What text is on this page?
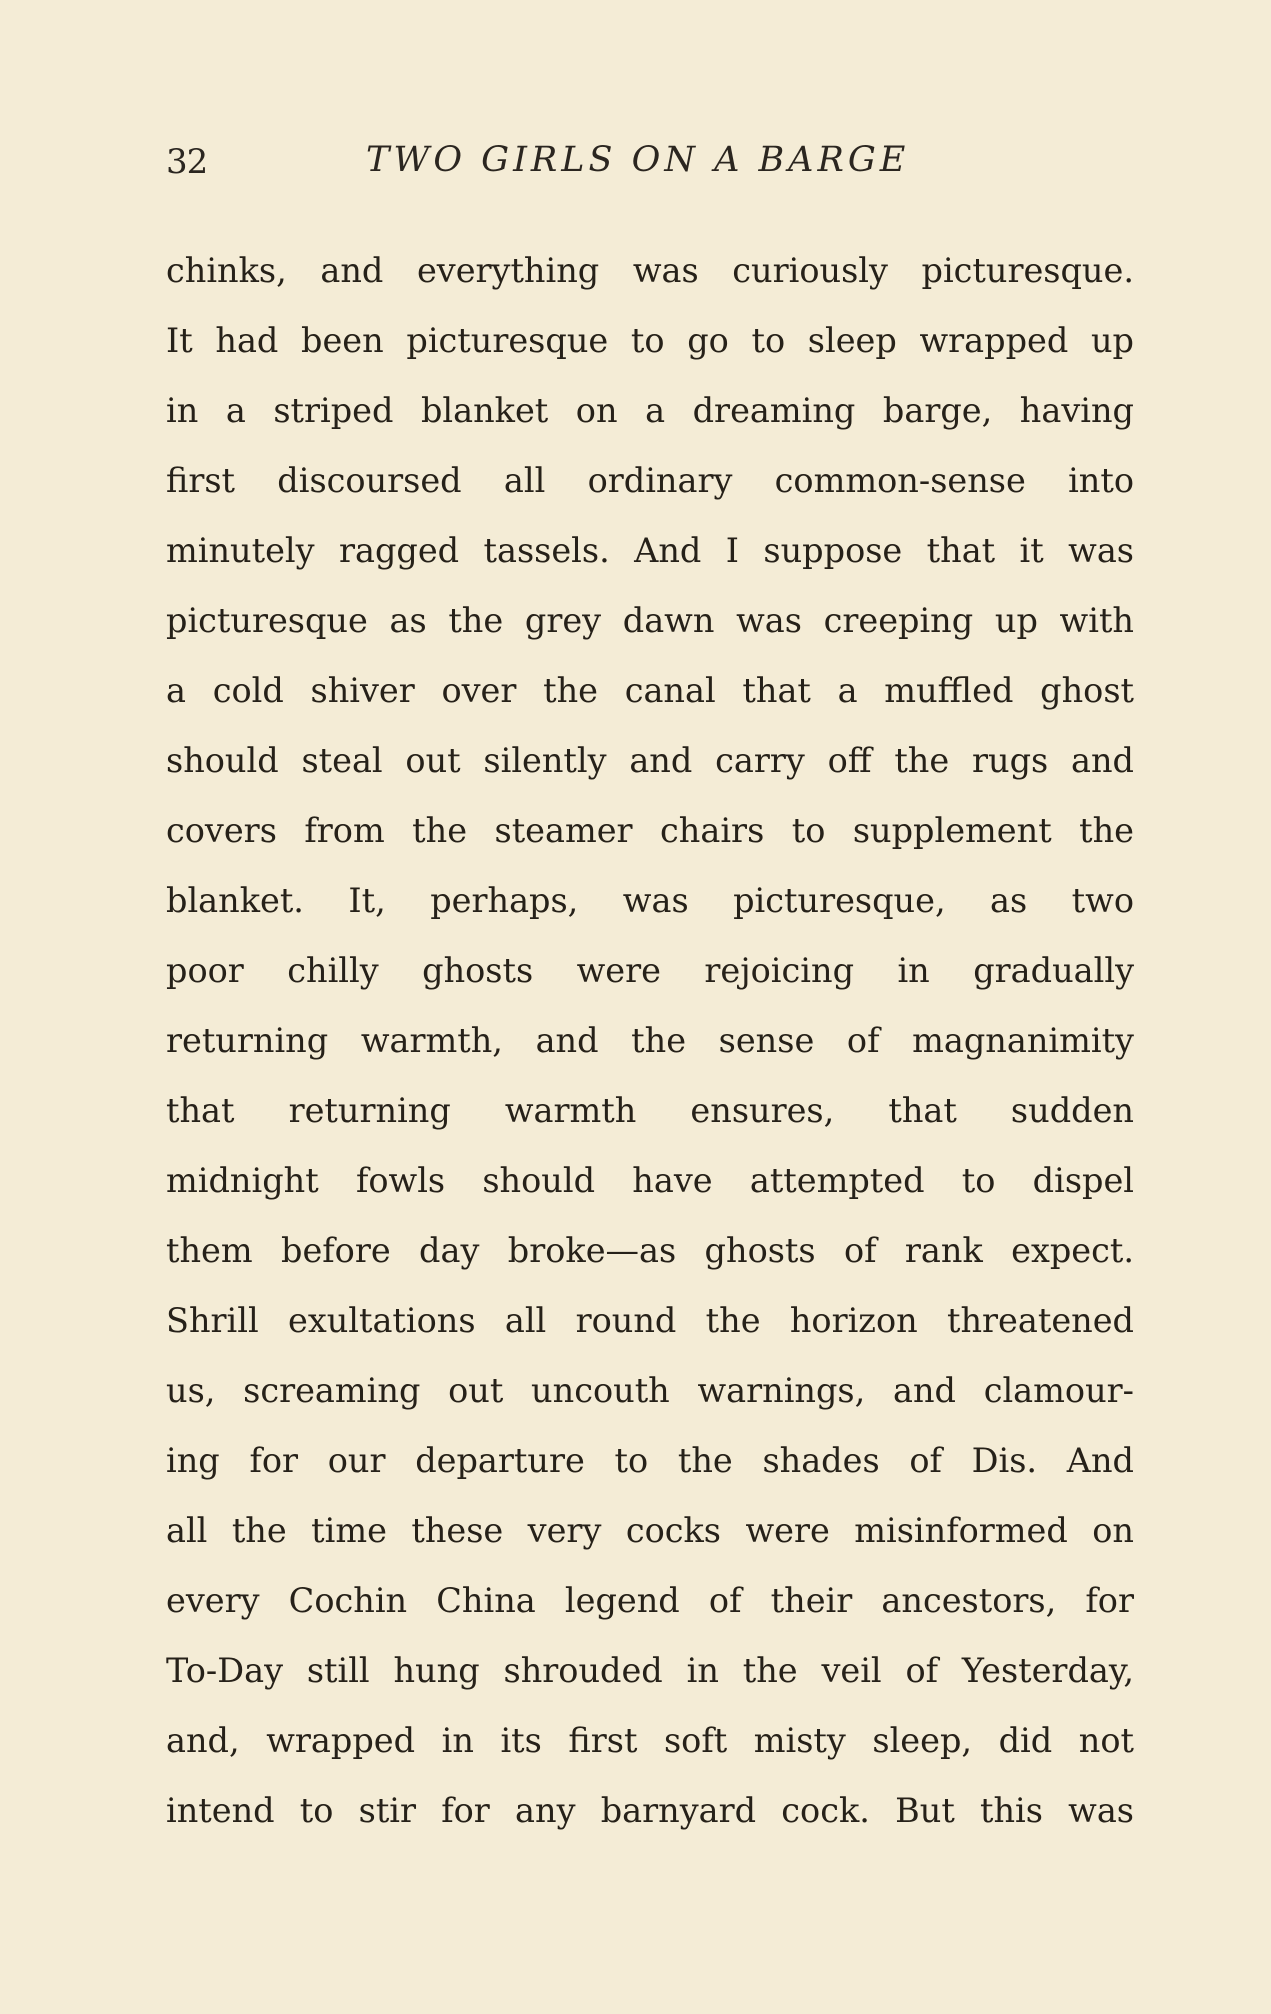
32	TWO GIRLS ON A BARGE
chinks, and everything was curiously picturesque.
It had been picturesque to go to sleep wrapped up
in a striped blanket on a dreaming barge, having
first discoursed all ordinary common-sense into
minutely ragged tassels. And I suppose that it was
picturesque as the grey dawn was creeping up with
a cold shiver over the canal that a muffled ghost
should steal out silently and carry off the rugs and
covers from the steamer chairs to supplement the
blanket. It, perhaps, was picturesque, as two
poor chilly ghosts were rejoicing in gradually
returning warmth, and the sense of magnanimity
that returning warmth ensures, that sudden
midnight fowls should have attempted to dispel
them before day broke—as ghosts of rank expect.
Shrill exultations all round the horizon threatened
us, screaming out uncouth warnings, and clamour-
ing for our departure to the shades of Dis. And
all the time these very cocks were misinformed on
every Cochin China legend of their ancestors, for
To-Day still hung shrouded in the veil of Yesterday,
and, wrapped in its first soft misty sleep, did not
intend to stir for any barnyard cock. But this was
